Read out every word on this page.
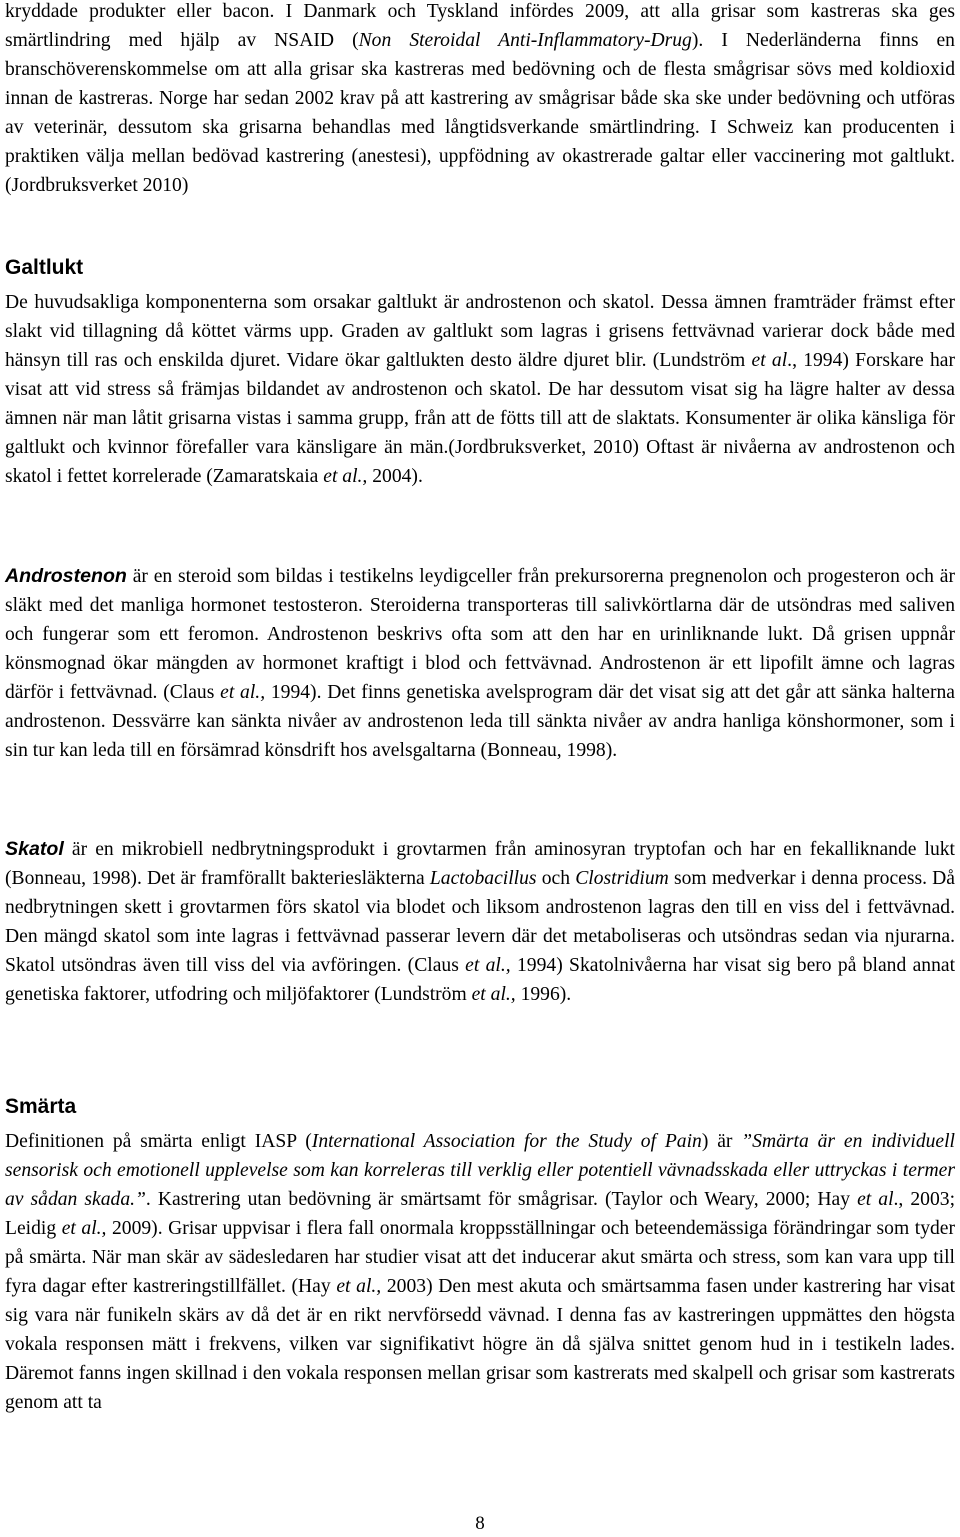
kryddade produkter eller bacon. I Danmark och Tyskland infördes 2009, att alla grisar som kastreras ska ges smärtlindring med hjälp av NSAID (Non Steroidal Anti-Inflammatory-Drug). I Nederländerna finns en branschöverenskommelse om att alla grisar ska kastreras med bedövning och de flesta smågrisar sövs med koldioxid innan de kastreras. Norge har sedan 2002 krav på att kastrering av smågrisar både ska ske under bedövning och utföras av veterinär, dessutom ska grisarna behandlas med långtidsverkande smärtlindring. I Schweiz kan producenten i praktiken välja mellan bedövad kastrering (anestesi), uppfödning av okastrerade galtar eller vaccinering mot galtlukt. (Jordbruksverket 2010)

Galtlukt

De huvudsakliga komponenterna som orsakar galtlukt är androstenon och skatol. Dessa ämnen framträder främst efter slakt vid tillagning då köttet värms upp. Graden av galtlukt som lagras i grisens fettvävnad varierar dock både med hänsyn till ras och enskilda djuret. Vidare ökar galtlukten desto äldre djuret blir. (Lundström et al., 1994) Forskare har visat att vid stress så främjas bildandet av androstenon och skatol. De har dessutom visat sig ha lägre halter av dessa ämnen när man låtit grisarna vistas i samma grupp, från att de fötts till att de slaktats. Konsumenter är olika känsliga för galtlukt och kvinnor förefaller vara känsligare än män.(Jordbruksverket, 2010) Oftast är nivåerna av androstenon och skatol i fettet korrelerade (Zamaratskaia et al., 2004).

Androstenon är en steroid som bildas i testikelns leydigceller från prekursorerna pregnenolon och progesteron och är släkt med det manliga hormonet testosteron. Steroiderna transporteras till salivkörtlarna där de utsöndras med saliven och fungerar som ett feromon. Androstenon beskrivs ofta som att den har en urinliknande lukt. Då grisen uppnår könsmognad ökar mängden av hormonet kraftigt i blod och fettvävnad. Androstenon är ett lipofilt ämne och lagras därför i fettvävnad. (Claus et al., 1994). Det finns genetiska avelsprogram där det visat sig att det går att sänka halterna androstenon. Dessvärre kan sänkta nivåer av androstenon leda till sänkta nivåer av andra hanliga könshormoner, som i sin tur kan leda till en försämrad könsdrift hos avelsgaltarna (Bonneau, 1998).

Skatol är en mikrobiell nedbrytningsprodukt i grovtarmen från aminosyran tryptofan och har en fekalliknande lukt (Bonneau, 1998). Det är framförallt bakteriesläkterna Lactobacillus och Clostridium som medverkar i denna process. Då nedbrytningen skett i grovtarmen förs skatol via blodet och liksom androstenon lagras den till en viss del i fettvävnad. Den mängd skatol som inte lagras i fettvävnad passerar levern där det metaboliseras och utsöndras sedan via njurarna. Skatol utsöndras även till viss del via avföringen. (Claus et al., 1994) Skatolnivåerna har visat sig bero på bland annat genetiska faktorer, utfodring och miljöfaktorer (Lundström et al., 1996).

Smärta

Definitionen på smärta enligt IASP (International Association for the Study of Pain) är ”Smärta är en individuell sensorisk och emotionell upplevelse som kan korreleras till verklig eller potentiell vävnadsskada eller uttryckas i termer av sådan skada.”. Kastrering utan bedövning är smärtsamt för smågrisar. (Taylor och Weary, 2000; Hay et al., 2003; Leidig et al., 2009). Grisar uppvisar i flera fall onormala kroppsställningar och beteendemässiga förändringar som tyder på smärta. När man skär av sädesledaren har studier visat att det inducerar akut smärta och stress, som kan vara upp till fyra dagar efter kastreringstillfället. (Hay et al., 2003) Den mest akuta och smärtsamma fasen under kastrering har visat sig vara när funikeln skärs av då det är en rikt nervförsedd vävnad. I denna fas av kastreringen uppmättes den högsta vokala responsen mätt i frekvens, vilken var signifikativt högre än då själva snittet genom hud in i testikeln lades. Däremot fanns ingen skillnad i den vokala responsen mellan grisar som kastrerats med skalpell och grisar som kastrerats genom att ta

8
